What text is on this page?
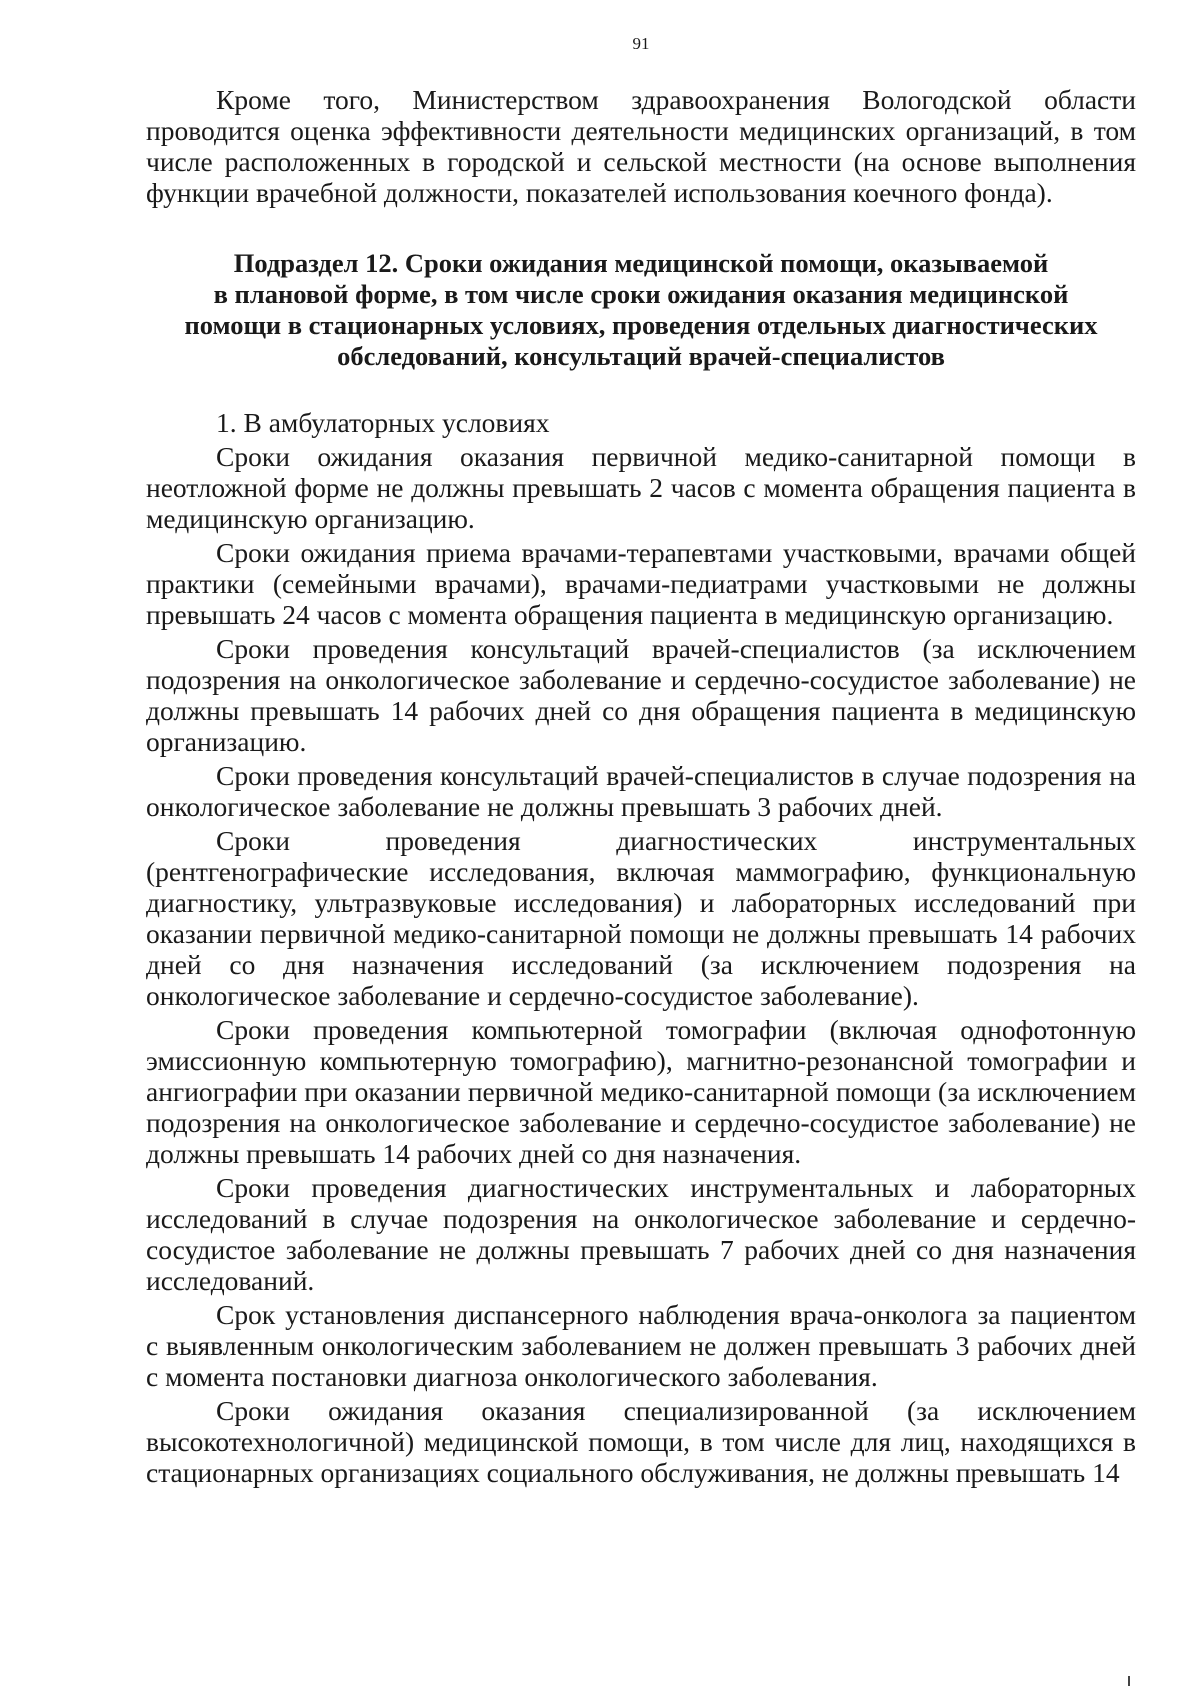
91

Кроме того, Министерством здравоохранения Вологодской области проводится оценка эффективности деятельности медицинских организаций, в том числе расположенных в городской и сельской местности (на основе выполнения функции врачебной должности, показателей использования коечного фонда).

Подраздел 12. Сроки ожидания медицинской помощи, оказываемой
в плановой форме, в том числе сроки ожидания оказания медицинской
помощи в стационарных условиях, проведения отдельных диагностических
обследований, консультаций врачей-специалистов

1. В амбулаторных условиях

Сроки ожидания оказания первичной медико-санитарной помощи в неотложной форме не должны превышать 2 часов с момента обращения пациента в медицинскую организацию.

Сроки ожидания приема врачами-терапевтами участковыми, врачами общей практики (семейными врачами), врачами-педиатрами участковыми не должны превышать 24 часов с момента обращения пациента в медицинскую организацию.

Сроки проведения консультаций врачей-специалистов (за исключением подозрения на онкологическое заболевание и сердечно-сосудистое заболевание) не должны превышать 14 рабочих дней со дня обращения пациента в медицинскую организацию.

Сроки проведения консультаций врачей-специалистов в случае подозрения на онкологическое заболевание не должны превышать 3 рабочих дней.

Сроки проведения диагностических инструментальных (рентгенографические исследования, включая маммографию, функциональную диагностику, ультразвуковые исследования) и лабораторных исследований при оказании первичной медико-санитарной помощи не должны превышать 14 рабочих дней со дня назначения исследований (за исключением подозрения на онкологическое заболевание и сердечно-сосудистое заболевание).

Сроки проведения компьютерной томографии (включая однофотонную эмиссионную компьютерную томографию), магнитно-резонансной томографии и ангиографии при оказании первичной медико-санитарной помощи (за исключением подозрения на онкологическое заболевание и сердечно-сосудистое заболевание) не должны превышать 14 рабочих дней со дня назначения.

Сроки проведения диагностических инструментальных и лабораторных исследований в случае подозрения на онкологическое заболевание и сердечно-сосудистое заболевание не должны превышать 7 рабочих дней со дня назначения исследований.

Срок установления диспансерного наблюдения врача-онколога за пациентом с выявленным онкологическим заболеванием не должен превышать 3 рабочих дней с момента постановки диагноза онкологического заболевания.

Сроки ожидания оказания специализированной (за исключением высокотехнологичной) медицинской помощи, в том числе для лиц, находящихся в стационарных организациях социального обслуживания, не должны превышать 14
